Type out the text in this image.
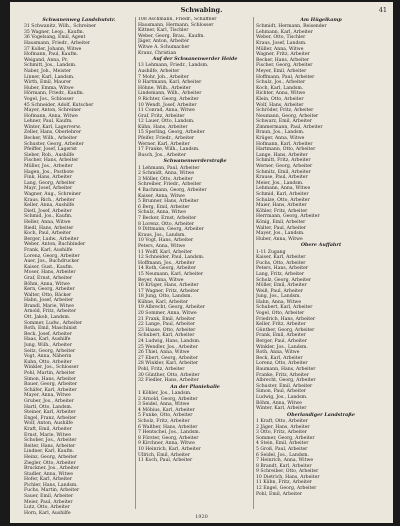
Schwabing.	41
Schwanenweg Landshutstr.
31 Schwanitz, Wilh., Schreiner
35 Wagner, Leop., Kaufm.
36 Vogelsang, Emil, Agent
Hausmann, Friedr., Arbeiter
37 Koller, Johann, Witwe
Hofmann, Paul, Kaufm.
Weigand, Anna, Pr.
Schmitt, Jos., Landsm.
Naber, Joh., Meister
Linner, Karl, Landsm.
Wirth, Emil, Maurer
Huber, Emma, Witwe
Hörmann, Friedr., Kaufm.
Vogel, Jos., Schlosser
45 Schneider, Adolf, Kutscher
Mayer, Anton, Schreiner
Hofmann, Anna, Witwe
Lehner, Paul, Kaufm.
Winter, Karl, Lagerverw.
Zeller, Hans, Oberlehrer
Becker, Wilh., Arbeiter
Schuster, Georg, Arbeiter
Pfeiffer, Josef, Lagerist
Sieber, Rob., Aushilfe
Fischer, Hans, Arbeiter
Müller, Jos., Arbeiter
Hagen, Jos., Postbote
Fink, Hans, Arbeiter
Lang, Georg, Arbeiter
Mayr, Josef, Arbeiter
Wagner, Aug., Schreiner
Kraus, Rich., Arbeiter
Keller, Anna, Aushilfe
Dietl, Josef, Arbeiter
Schmid, Jos., Kaufm.
Heller, Anna, Witwe
Riedl, Hans, Arbeiter
Koch, Paul, Arbeiter
Berger, Ludw., Arbeiter
Weber, Anton, Buchbinder
Frank, Karl, Aushilfe
Lorenz, Georg, Arbeiter
Auer, Jos., Buchdrucker
Kaiser, Gust., Kaufm.
Moser, Hans, Arbeiter
Graf, Ernst, Arbeiter
Böhm, Anna, Witwe
Kern, Georg, Arbeiter
Walter, Otto, Bäcker
Hahn, Josef, Arbeiter
Brandl, Marie, Witwe
Arnold, Fritz, Arbeiter
Ott, Jakob, Landsm.
Sommer, Ludw., Arbeiter
Roth, Emil, Maschinist
Beck, Josef, Arbeiter
Haas, Karl, Aushilfe
Jung, Wilh., Arbeiter
Seitz, Georg, Arbeiter
Vogt, Anna, Näherin
Kuhn, Otto, Arbeiter
Winkler, Jos., Schlosser
Pohl, Martin, Arbeiter
Simon, Hans, Arbeiter
Bauer, Georg, Arbeiter
Schäfer, Karl, Arbeiter
Mayer, Anna, Witwe
Gruber, Jos., Arbeiter
Hartl, Otto, Landsm.
Steiner, Karl, Arbeiter
Engel, Franz, Arbeiter
Wolf, Anton, Aushilfe
Kraft, Emil, Arbeiter
Ernst, Marie, Witwe
Schober, Jos., Arbeiter
Reiter, Hans, Arbeiter
Lindner, Karl, Kaufm.
Heinz, Georg, Arbeiter
Ziegler, Otto, Arbeiter
Bruckner, Jos., Arbeiter
Stadler, Anna, Witwe
Hofer, Karl, Arbeiter
Pichler, Hans, Landsm.
Fuchs, Martin, Arbeiter
Sauer, Emil, Arbeiter
Meier, Paul, Arbeiter
Lutz, Otto, Arbeiter
Horn, Karl, Aushilfe
108 Aschmann, Friedr., Schaffner
Hausmann, Hermann, Schlosser
Kittner, Karl, Tischler
Weber, Georg, Brau., Kaufm.
Jäger, Anton, Arbeiter
Witwe A. Schumacher
Kranz, Christian
Auf der Schwanenwerder Heide
13 Lehmann, Friedr., Landsm.
Aushilfe, Arbeiter
7 Mohr, Joh., Arbeiter
8 Hartmann, Karl, Arbeiter
Höhne, Wilh., Arbeiter
Lindemann, Wilh., Arbeiter
9 Richter, Georg, Arbeiter
10 Wendt, Josef, Arbeiter
11 Conrad, Anna, Witwe
Graf, Fritz, Arbeiter
12 Lauer, Otto, Landsm.
Kühn, Hans, Arbeiter
15 Sperling, Georg, Arbeiter
Pfeifer, Friedr., Arbeiter
Werner, Karl, Arbeiter
17 Franke, Wilh., Landsm.
Busch, Jos., Arbeiter
Schwanenwerderstraße
1 Lehmann, Paul, Arbeiter
2 Schmidt, Anna, Witwe
3 Möller, Otto, Arbeiter
Schreiber, Friedr., Arbeiter
4 Bachmann, Georg, Arbeiter
Kaiser, Anna, Witwe
5 Brunner, Hans, Arbeiter
6 Berg, Emil, Arbeiter
Schulz, Anna, Witwe
7 Becker, Ernst, Arbeiter
8 Lorenz, Otto, Arbeiter
9 Dittmann, Georg, Arbeiter
Kraus, Jos., Landsm.
10 Vogt, Hans, Arbeiter
Peters, Anna, Witwe
11 Wolff, Karl, Arbeiter
12 Schneider, Paul, Landsm.
Hoffmann, Jos., Arbeiter
14 Roth, Georg, Arbeiter
15 Neumann, Karl, Arbeiter
Beyer, Anna, Witwe
16 Krüger, Hans, Arbeiter
17 Wagner, Fritz, Arbeiter
18 Jung, Otto, Landsm.
Kühne, Karl, Arbeiter
19 Albrecht, Georg, Arbeiter
20 Sommer, Anna, Witwe
21 Frank, Emil, Arbeiter
22 Lange, Paul, Arbeiter
23 Haase, Otto, Arbeiter
Schubert, Karl, Arbeiter
24 Ludwig, Hans, Landsm.
25 Wendler, Jos., Arbeiter
26 Thiel, Anna, Witwe
27 Ebert, Georg, Arbeiter
28 Winkler, Karl, Arbeiter
Pohl, Fritz, Arbeiter
30 Günther, Otto, Arbeiter
32 Fiedler, Hans, Arbeiter
An der Planiehalle
1 Köhler, Jos., Landsm.
2 Arnold, Georg, Arbeiter
3 Seidel, Anna, Witwe
4 Möbius, Karl, Arbeiter
5 Funke, Otto, Arbeiter
Scholz, Fritz, Arbeiter
6 Walther, Hans, Arbeiter
7 Hentschel, Jos., Landsm.
8 Förster, Georg, Arbeiter
9 Kirchner, Anna, Witwe
10 Heinrich, Karl, Arbeiter
Ullrich, Emil, Arbeiter
11 Koch, Paul, Arbeiter
Am Hügelkamp
Schmidt, Hermann, Reisender
Lehmann, Karl, Arbeiter
Weber, Otto, Tischler
Kraus, Josef, Landsm.
Müller, Anna, Witwe
Wagner, Fritz, Arbeiter
Becker, Hans, Arbeiter
Fischer, Georg, Arbeiter
Meyer, Emil, Arbeiter
Hoffmann, Paul, Arbeiter
Schulz, Jos., Arbeiter
Koch, Karl, Landsm.
Richter, Anna, Witwe
Klein, Otto, Arbeiter
Wolf, Hans, Arbeiter
Schröder, Fritz, Arbeiter
Neumann, Georg, Arbeiter
Schwarz, Emil, Arbeiter
Zimmermann, Paul, Arbeiter
Braun, Jos., Landsm.
Krüger, Anna, Witwe
Hofmann, Karl, Arbeiter
Hartmann, Otto, Arbeiter
Lange, Hans, Arbeiter
Schmitt, Fritz, Arbeiter
Werner, Georg, Arbeiter
Schmitz, Emil, Arbeiter
Krause, Paul, Arbeiter
Meier, Jos., Landsm.
Lehmann, Anna, Witwe
Schmid, Karl, Arbeiter
Schulze, Otto, Arbeiter
Maier, Hans, Arbeiter
Köhler, Fritz, Arbeiter
Herrmann, Georg, Arbeiter
König, Emil, Arbeiter
Walter, Paul, Arbeiter
Mayer, Jos., Landsm.
Huber, Anna, Witwe
Obere Auffahrt
1-11 Zugang
Kaiser, Karl, Arbeiter
Fuchs, Otto, Arbeiter
Peters, Hans, Arbeiter
Lang, Fritz, Arbeiter
Scholz, Georg, Arbeiter
Möller, Emil, Arbeiter
Weiß, Paul, Arbeiter
Jung, Jos., Landsm.
Hahn, Anna, Witwe
Schubert, Karl, Arbeiter
Vogel, Otto, Arbeiter
Friedrich, Hans, Arbeiter
Keller, Fritz, Arbeiter
Günther, Georg, Arbeiter
Frank, Emil, Arbeiter
Berger, Paul, Arbeiter
Winkler, Jos., Landsm.
Roth, Anna, Witwe
Beck, Karl, Arbeiter
Lorenz, Otto, Arbeiter
Baumann, Hans, Arbeiter
Franke, Fritz, Arbeiter
Albrecht, Georg, Arbeiter
Schuster, Emil, Arbeiter
Simon, Paul, Arbeiter
Ludwig, Jos., Landsm.
Böhm, Anna, Witwe
Winter, Karl, Arbeiter
Oberlandiger Landstraße
1 Kraft, Otto, Arbeiter
2 Jäger, Hans, Arbeiter
3 Otto, Fritz, Arbeiter
Sommer, Georg, Arbeiter
4 Stein, Emil, Arbeiter
5 Groß, Paul, Arbeiter
6 Seidel, Jos., Landsm.
7 Heinrich, Anna, Witwe
8 Brandt, Karl, Arbeiter
9 Schreiber, Otto, Arbeiter
10 Dietrich, Hans, Arbeiter
11 Kühn, Fritz, Arbeiter
12 Engel, Georg, Arbeiter
Pohl, Emil, Arbeiter
1920
